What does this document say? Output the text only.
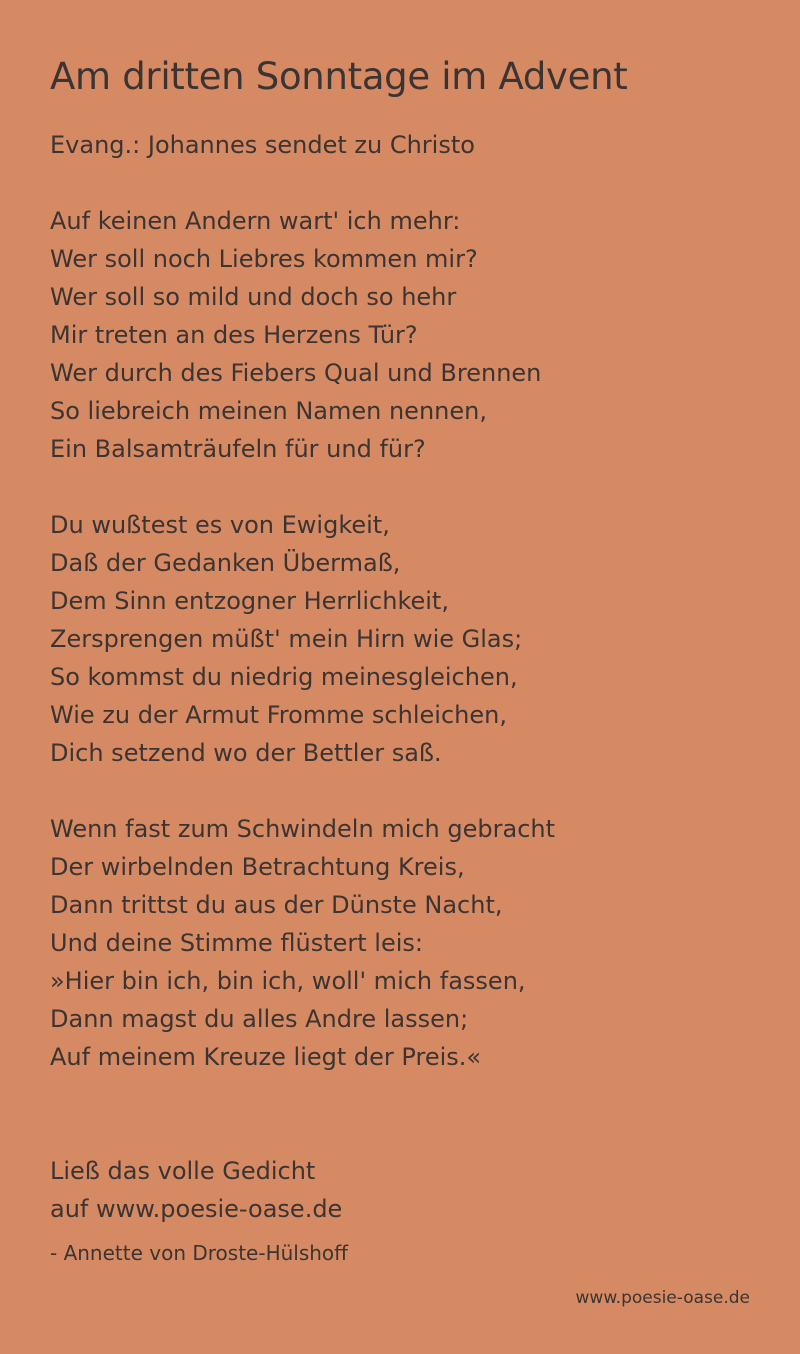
Am dritten Sonntage im Advent
Evang.: Johannes sendet zu Christo
Auf keinen Andern wart' ich mehr:
Wer soll noch Liebres kommen mir?
Wer soll so mild und doch so hehr
Mir treten an des Herzens Tür?
Wer durch des Fiebers Qual und Brennen
So liebreich meinen Namen nennen,
Ein Balsamträufeln für und für?
Du wußtest es von Ewigkeit,
Daß der Gedanken Übermaß,
Dem Sinn entzogner Herrlichkeit,
Zersprengen müßt' mein Hirn wie Glas;
So kommst du niedrig meinesgleichen,
Wie zu der Armut Fromme schleichen,
Dich setzend wo der Bettler saß.
Wenn fast zum Schwindeln mich gebracht
Der wirbelnden Betrachtung Kreis,
Dann trittst du aus der Dünste Nacht,
Und deine Stimme flüstert leis:
»Hier bin ich, bin ich, woll' mich fassen,
Dann magst du alles Andre lassen;
Auf meinem Kreuze liegt der Preis.«
Ließ das volle Gedicht
auf www.poesie-oase.de
- Annette von Droste-Hülshoff
www.poesie-oase.de
